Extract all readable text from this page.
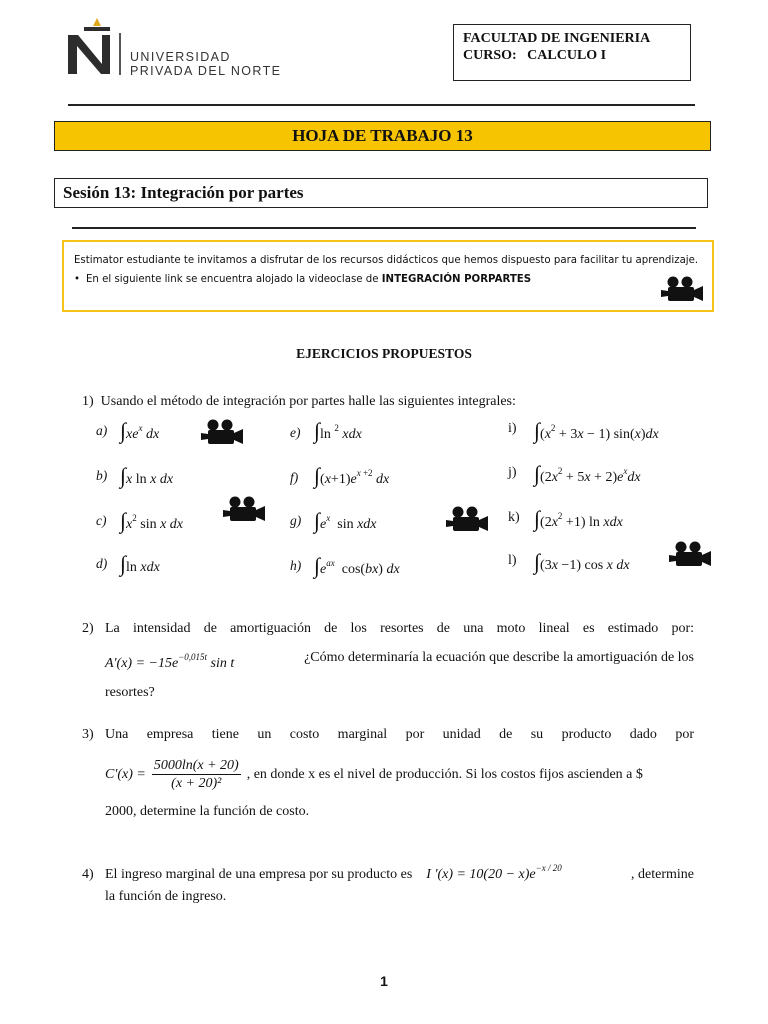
UNIVERSIDAD
PRIVADA DEL NORTE
FACULTAD DE INGENIERIA
CURSO:   CALCULO I
HOJA DE TRABAJO 13
Sesión 13: Integración por partes
Estimator estudiante te invitamos a disfrutar de los recursos didácticos que hemos dispuesto para facilitar tu aprendizaje.
• En el siguiente link se encuentra alojado la videoclase de INTEGRACIÓN PORPARTES
EJERCICIOS PROPUESTOS
1) Usando el método de integración por partes halle las siguientes integrales:
a) $\int xe^x$ dx
b) ∫x ln x dx
c) $\int x^2$ sin x dx
d) ∫ln xdx
e) ∫ln $^2$ xdx
f) $\int(x+1)e^{x +2}$ dx
g) $\int e^x$ sin xdx
h) $\int e^{ax}$ cos(bx) dx
i) $\int(x^2 + 3x - 1)$ sin(x)dx
j) $\int(2x^2 + 5x + 2)e^xdx$
k) $\int(2x^2 +1)$ ln xdx
l) ∫(3x −1) cos x dx
2) La intensidad de amortiguación de los resortes de una moto lineal es estimado por:
$A'(x) = -15e^{-0,015t}$ sin t	¿Cómo determinaría la ecuación que describe la amortiguación de los
resortes?
3) Una empresa tiene un costo marginal por unidad de su producto dado por
$C'(x) = \frac{5000\ln(x + 20)}{\text{(x + 20)²}}$ , en donde x es el nivel de producción. Si los costos fijos ascienden a $
2000, determine la función de costo.
4) El ingreso marginal de una empresa por su producto es I '$(x) = 10(20 - x)e^{-x / 20}$	, determine
la función de ingreso.
1
